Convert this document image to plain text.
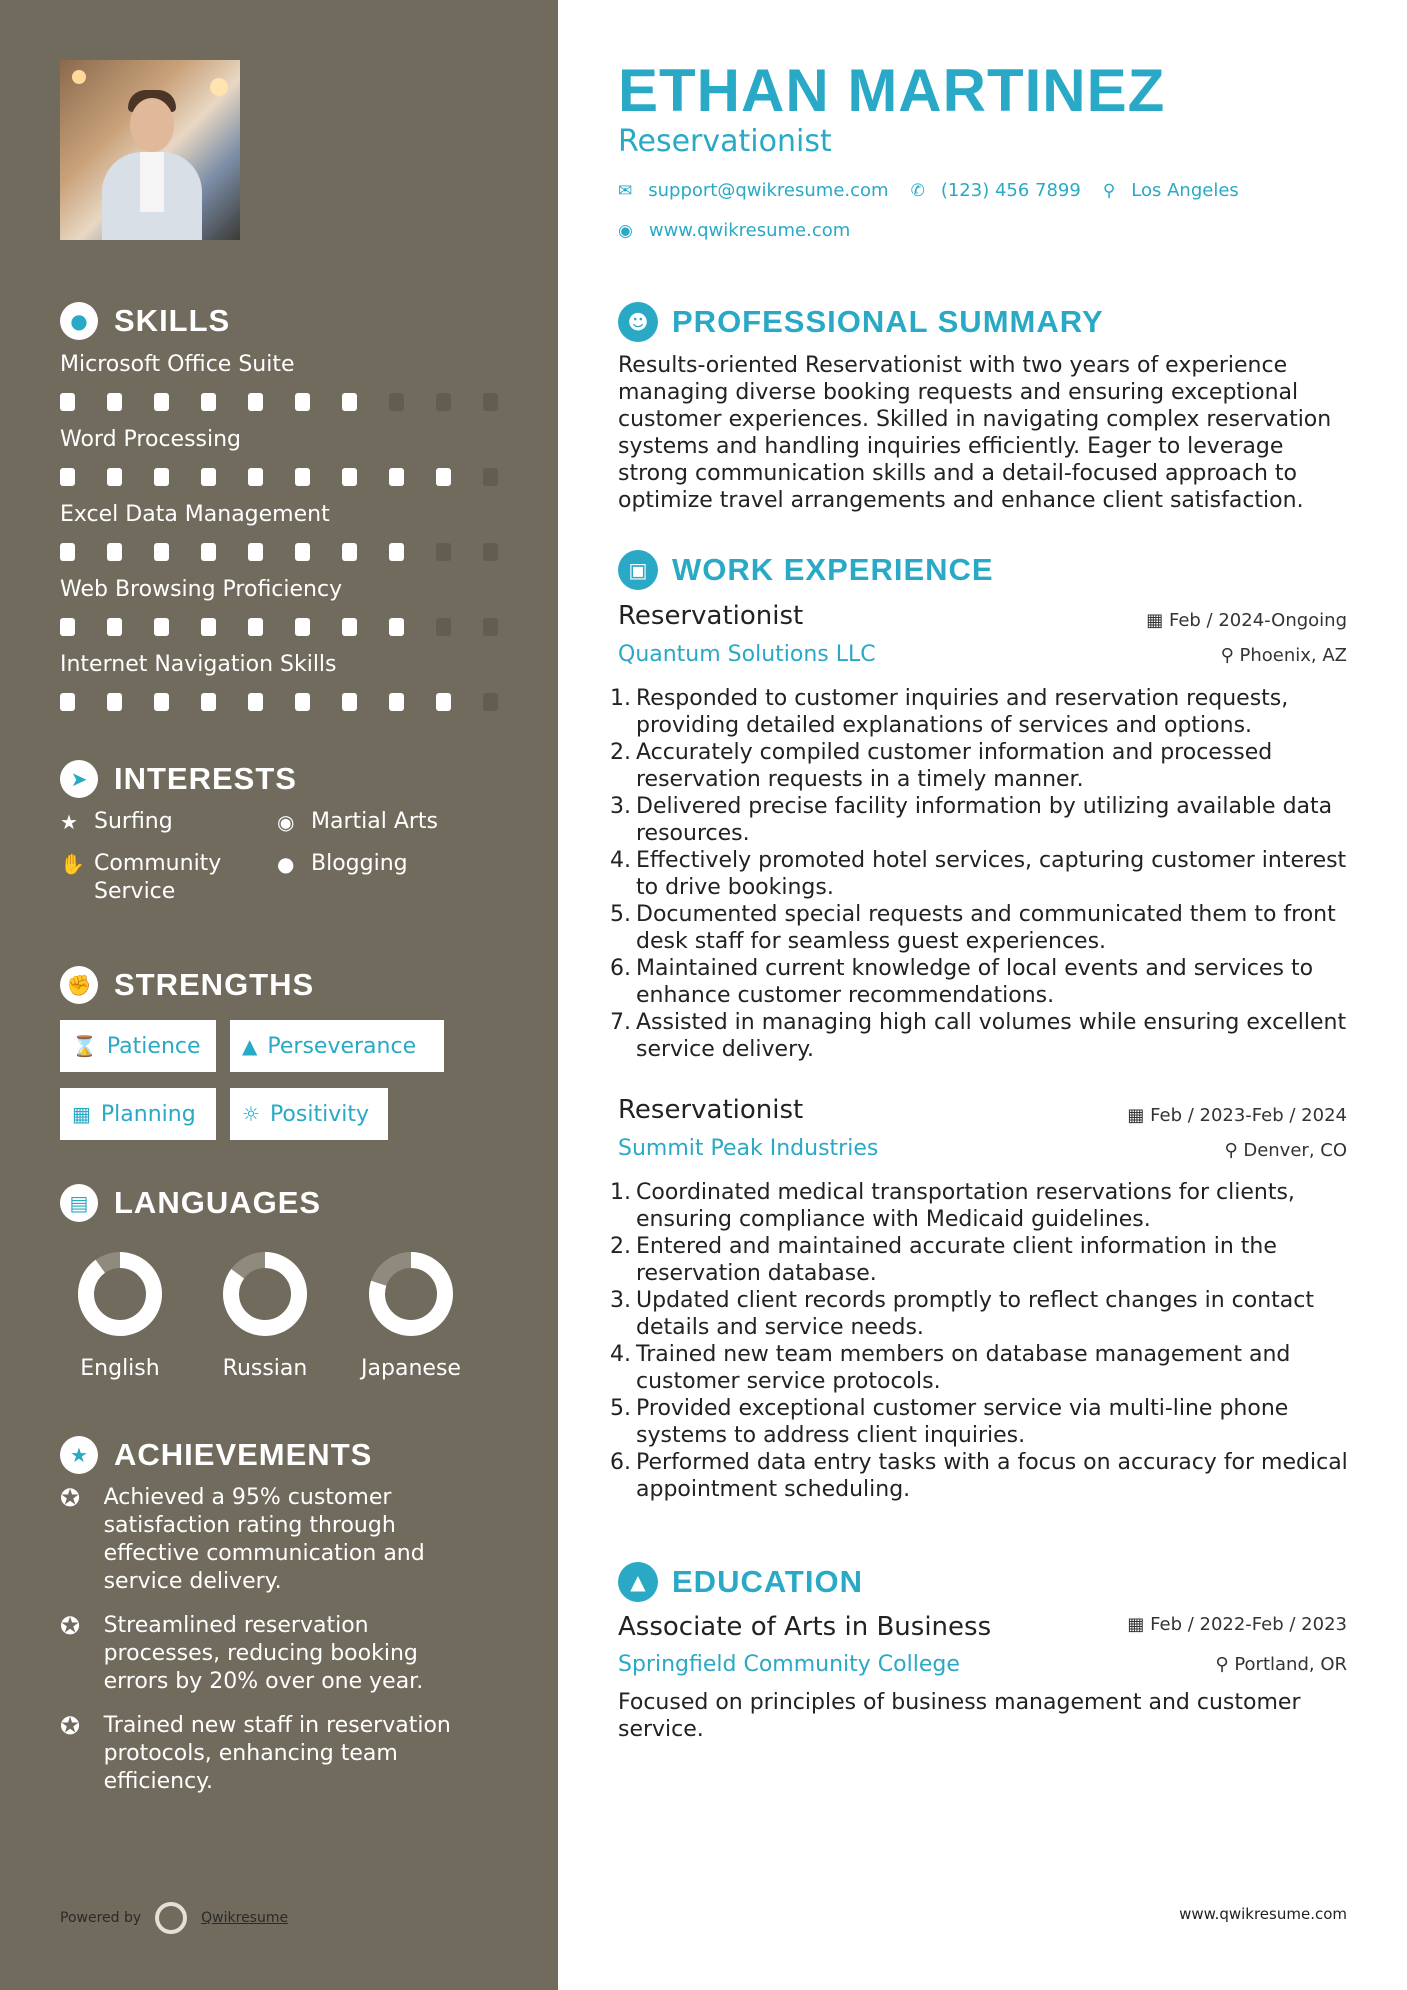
● SKILLS
Microsoft Office Suite
Word Processing
Excel Data Management
Web Browsing Proficiency
Internet Navigation Skills
➤ INTERESTS
★ Surfing	◉ Martial Arts
✋ Community Service
● Blogging
✊ STRENGTHS
⌛ Patience ▲ Perseverance
▦ Planning ☼ Positivity
▤ LANGUAGES
English	Russian	Japanese
★ ACHIEVEMENTS
✪	Achieved a 95% customer satisfaction rating through effective communication and service delivery.
✪	Streamlined reservation processes, reducing booking errors by 20% over one year.
✪	Trained new staff in reservation protocols, enhancing team efficiency.
Powered by	Qwikresume
ETHAN MARTINEZ
Reservationist
✉ support@qwikresume.com ✆ (123) 456 7899 ⚲ Los Angeles
◉ www.qwikresume.com
☻ PROFESSIONAL SUMMARY
Results-oriented Reservationist with two years of experience managing diverse booking requests and ensuring exceptional customer experiences. Skilled in navigating complex reservation systems and handling inquiries efficiently. Eager to leverage strong communication skills and a detail-focused approach to optimize travel arrangements and enhance client satisfaction.
▣ WORK EXPERIENCE
Reservationist	▦ Feb / 2024-Ongoing
Quantum Solutions LLC	⚲ Phoenix, AZ
1. Responded to customer inquiries and reservation requests, providing detailed explanations of services and options.
2. Accurately compiled customer information and processed reservation requests in a timely manner.
3. Delivered precise facility information by utilizing available data resources.
4. Effectively promoted hotel services, capturing customer interest to drive bookings.
5. Documented special requests and communicated them to front desk staff for seamless guest experiences.
6. Maintained current knowledge of local events and services to enhance customer recommendations.
7. Assisted in managing high call volumes while ensuring excellent service delivery.
Reservationist	▦ Feb / 2023-Feb / 2024
Summit Peak Industries	⚲ Denver, CO
1. Coordinated medical transportation reservations for clients, ensuring compliance with Medicaid guidelines.
2. Entered and maintained accurate client information in the reservation database.
3. Updated client records promptly to reflect changes in contact details and service needs.
4. Trained new team members on database management and customer service protocols.
5. Provided exceptional customer service via multi-line phone systems to address client inquiries.
6. Performed data entry tasks with a focus on accuracy for medical appointment scheduling.
▲ EDUCATION
Associate of Arts in Business	▦ Feb / 2022-Feb / 2023
Springfield Community College	⚲ Portland, OR
Focused on principles of business management and customer service.
www.qwikresume.com
